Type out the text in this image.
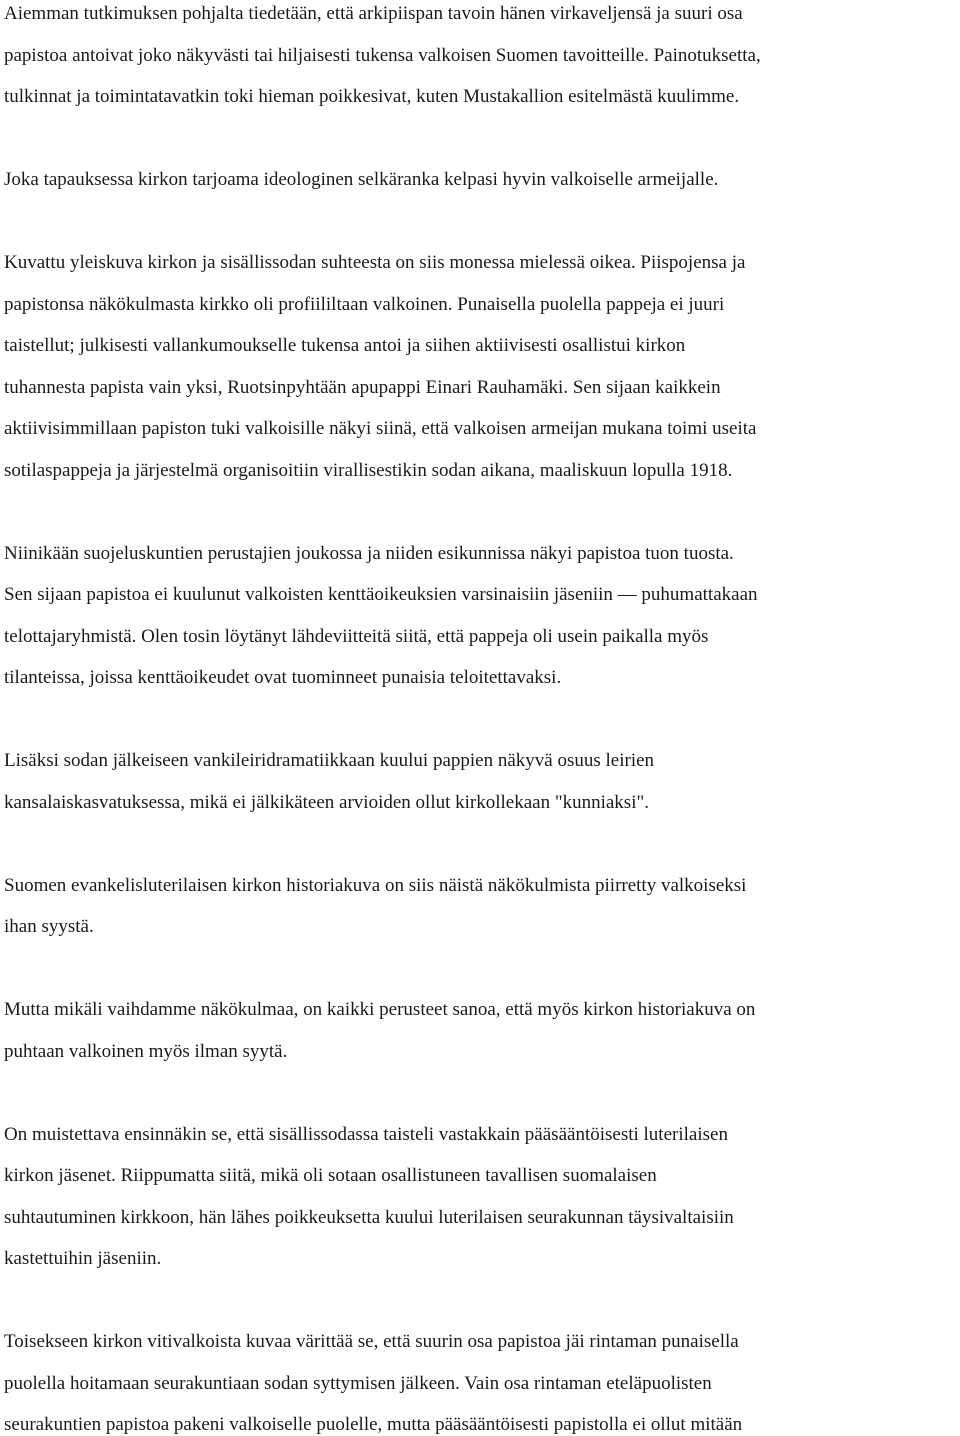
Aiemman tutkimuksen pohjalta tiedetään, että arkipiispan tavoin hänen virkaveljensä ja suuri osa
papistoa antoivat joko näkyvästi tai hiljaisesti tukensa valkoisen Suomen tavoitteille. Painotuksetta,
tulkinnat ja toimintatavatkin toki hieman poikkesivat, kuten Mustakallion esitelmästä kuulimme.
Joka tapauksessa kirkon tarjoama ideologinen selkäranka kelpasi hyvin valkoiselle armeijalle.
Kuvattu yleiskuva kirkon ja sisällissodan suhteesta on siis monessa mielessä oikea. Piispojensa ja
papistonsa näkökulmasta kirkko oli profiililtaan valkoinen. Punaisella puolella pappeja ei juuri
taistellut; julkisesti vallankumoukselle tukensa antoi ja siihen aktiivisesti osallistui kirkon
tuhannesta papista vain yksi, Ruotsinpyhtään apupappi Einari Rauhamäki. Sen sijaan kaikkein
aktiivisimmillaan papiston tuki valkoisille näkyi siinä, että valkoisen armeijan mukana toimi useita
sotilaspappeja ja järjestelmä organisoitiin virallisestikin sodan aikana, maaliskuun lopulla 1918.
Niinikään suojeluskuntien perustajien joukossa ja niiden esikunnissa näkyi papistoa tuon tuosta.
Sen sijaan papistoa ei kuulunut valkoisten kenttäoikeuksien varsinaisiin jäseniin — puhumattakaan
telottajaryhmistä. Olen tosin löytänyt lähdeviitteitä siitä, että pappeja oli usein paikalla myös
tilanteissa, joissa kenttäoikeudet ovat tuominneet punaisia teloitettavaksi.
Lisäksi sodan jälkeiseen vankileiridramatiikkaan kuului pappien näkyvä osuus leirien
kansalaiskasvatuksessa, mikä ei jälkikäteen arvioiden ollut kirkollekaan "kunniaksi".
Suomen evankelisluterilaisen kirkon historiakuva on siis näistä näkökulmista piirretty valkoiseksi
ihan syystä.
Mutta mikäli vaihdamme näkökulmaa, on kaikki perusteet sanoa, että myös kirkon historiakuva on
puhtaan valkoinen myös ilman syytä.
On muistettava ensinnäkin se, että sisällissodassa taisteli vastakkain pääsääntöisesti luterilaisen
kirkon jäsenet. Riippumatta siitä, mikä oli sotaan osallistuneen tavallisen suomalaisen
suhtautuminen kirkkoon, hän lähes poikkeuksetta kuului luterilaisen seurakunnan täysivaltaisiin
kastettuihin jäseniin.
Toisekseen kirkon vitivalkoista kuvaa värittää se, että suurin osa papistoa jäi rintaman punaisella
puolella hoitamaan seurakuntiaan sodan syttymisen jälkeen. Vain osa rintaman eteläpuolisten
seurakuntien papistoa pakeni valkoiselle puolelle, mutta pääsääntöisesti papistolla ei ollut mitään
